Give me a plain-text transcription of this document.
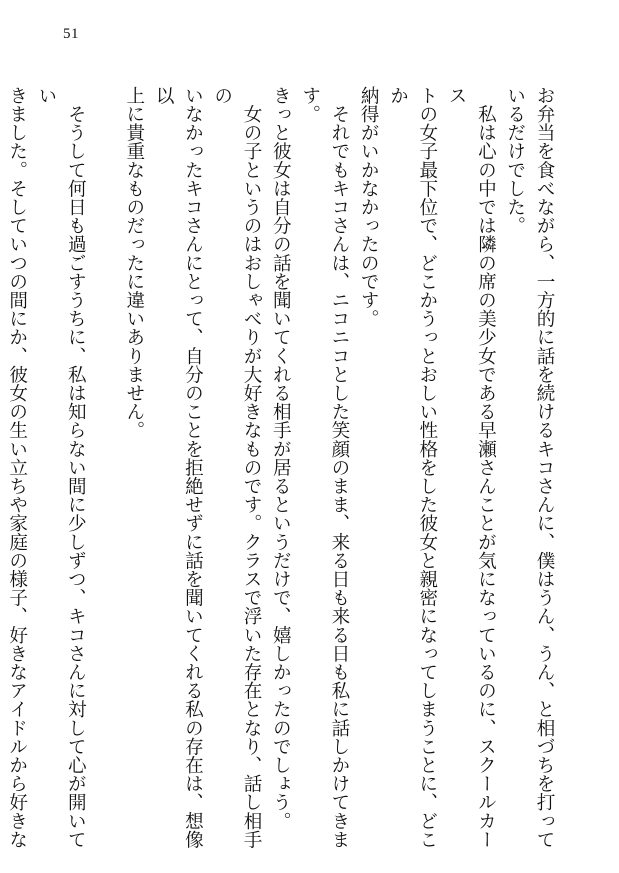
51
お弁当を食べながら、一方的に話を続けるキコさんに、僕はうん、うん、と相づちを打って
いるだけでした。
　私は心の中では隣の席の美少女である早瀬さんことが気になっているのに、スクールカース
トの女子最下位で、どこかうっとおしい性格をした彼女と親密になってしまうことに、どこか
納得がいかなかったのです。
　それでもキコさんは、ニコニコとした笑顔のまま、来る日も来る日も私に話しかけてきます。
きっと彼女は自分の話を聞いてくれる相手が居るというだけで、嬉しかったのでしょう。
　女の子というのはおしゃべりが大好きなものです。クラスで浮いた存在となり、話し相手の
いなかったキコさんにとって、自分のことを拒絶せずに話を聞いてくれる私の存在は、想像以
上に貴重なものだったに違いありません。

　そうして何日も過ごすうちに、私は知らない間に少しずつ、キコさんに対して心が開いてい
きました。そしていつの間にか、彼女の生い立ちや家庭の様子、好きなアイドルから好きな
